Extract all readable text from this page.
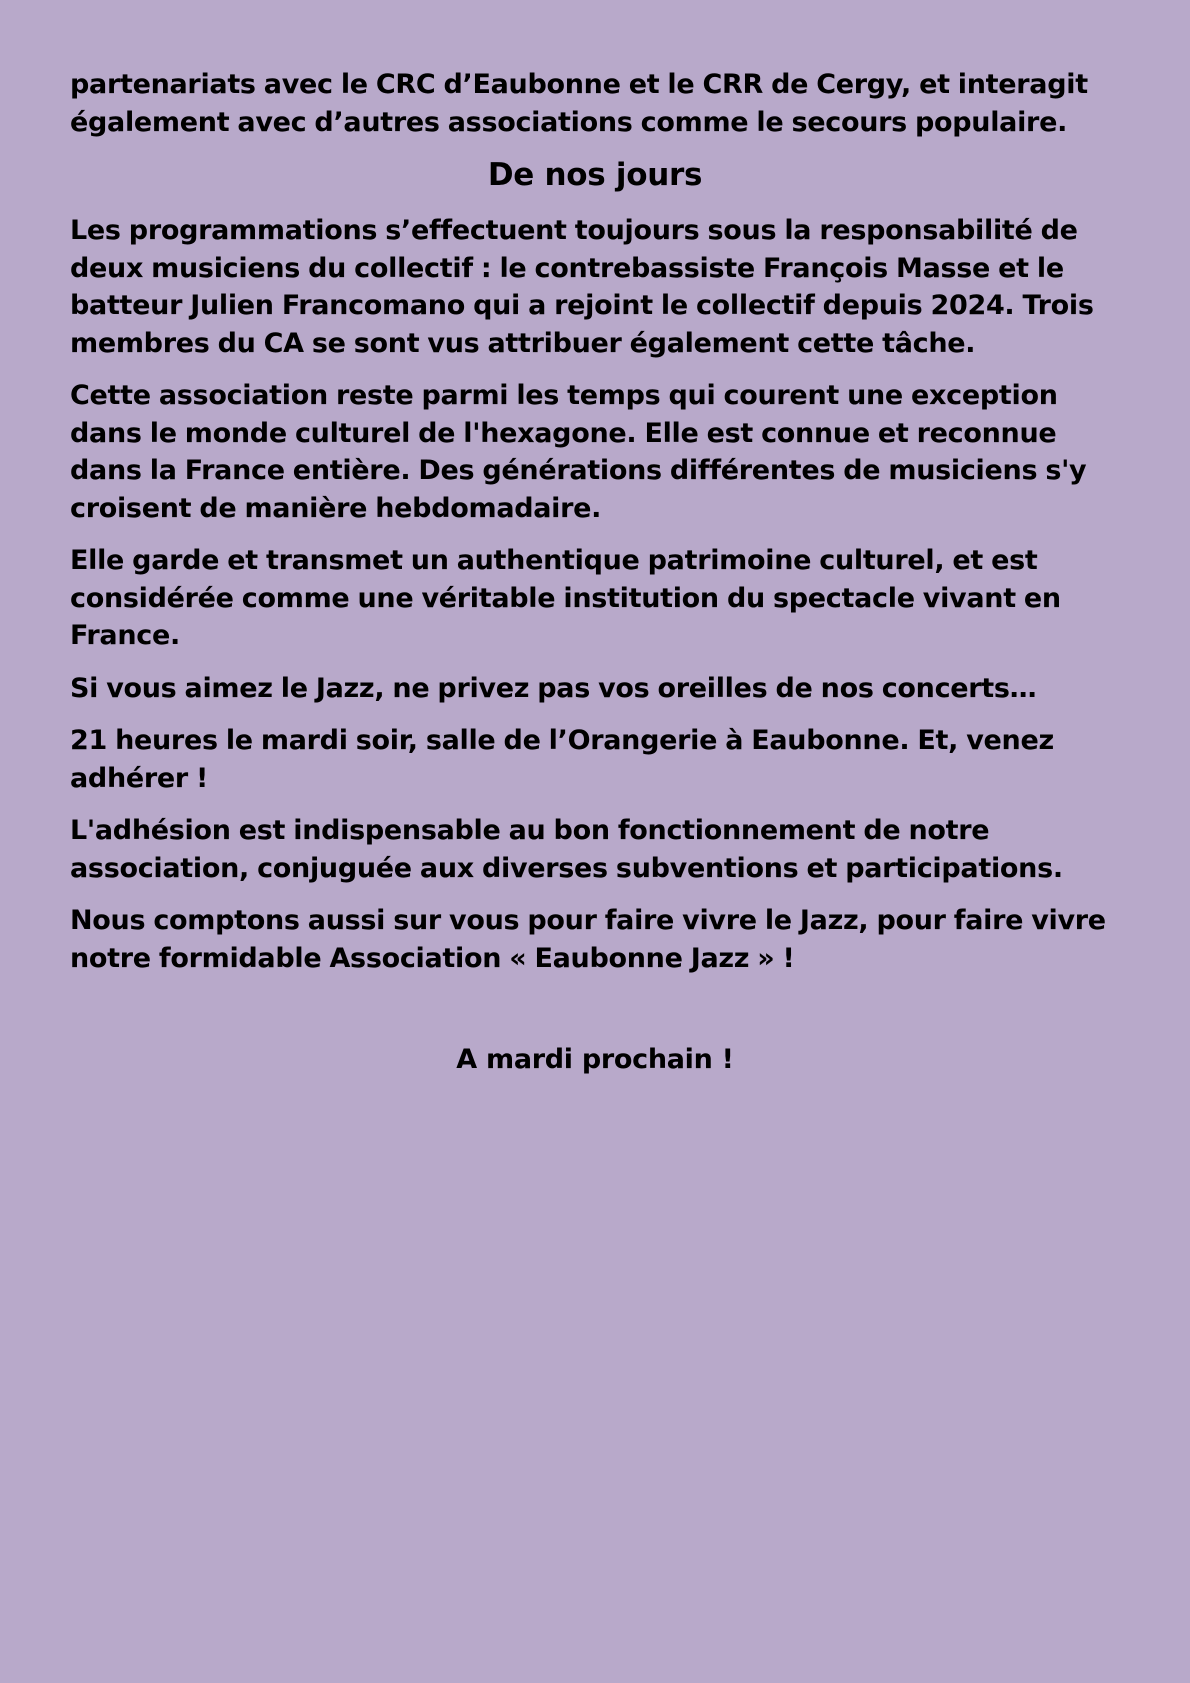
partenariats avec le CRC d’Eaubonne et le CRR de Cergy, et interagit également avec d’autres associations comme le secours populaire.

De nos jours

Les programmations s’effectuent toujours sous la responsabilité de deux musiciens du collectif : le contrebassiste François Masse et le batteur Julien Francomano qui a rejoint le collectif depuis 2024. Trois membres du CA se sont vus attribuer également cette tâche.

Cette association reste parmi les temps qui courent une exception dans le monde culturel de l'hexagone. Elle est connue et reconnue dans la France entière. Des générations différentes de musiciens s'y croisent de manière hebdomadaire.

Elle garde et transmet un authentique patrimoine culturel, et est considérée comme une véritable institution du spectacle vivant en France.

Si vous aimez le Jazz, ne privez pas vos oreilles de nos concerts…

21 heures le mardi soir, salle de l’Orangerie à Eaubonne. Et, venez adhérer !

L'adhésion est indispensable au bon fonctionnement de notre association, conjuguée aux diverses subventions et participations.

Nous comptons aussi sur vous pour faire vivre le Jazz, pour faire vivre notre formidable Association « Eaubonne Jazz » !

A mardi prochain !
